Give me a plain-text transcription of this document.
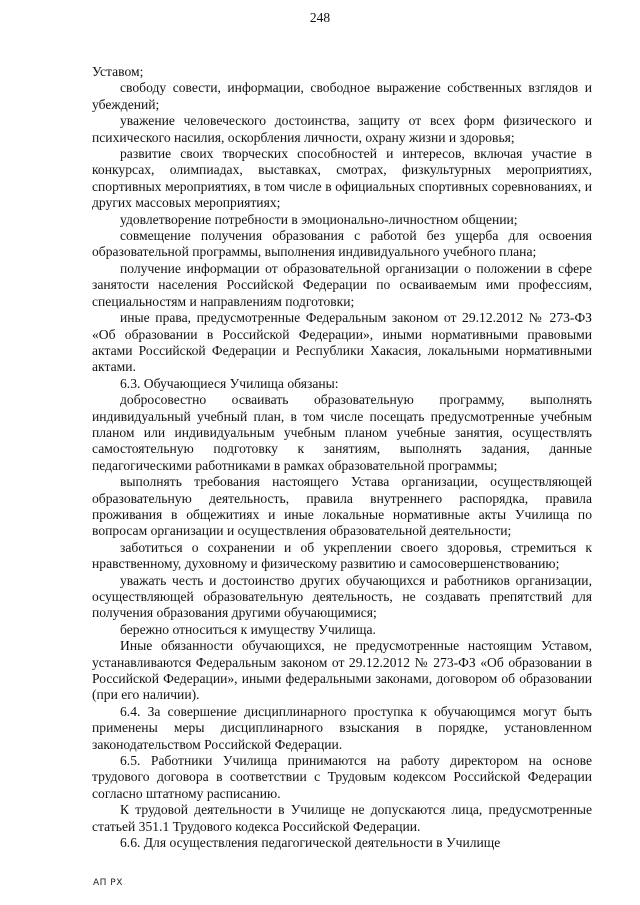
248

Уставом;

свободу совести, информации, свободное выражение собственных взглядов и убеждений;

уважение человеческого достоинства, защиту от всех форм физического и психического насилия, оскорбления личности, охрану жизни и здоровья;

развитие своих творческих способностей и интересов, включая участие в конкурсах, олимпиадах, выставках, смотрах, физкультурных мероприятиях, спортивных мероприятиях, в том числе в официальных спортивных соревнованиях, и других массовых мероприятиях;

удовлетворение потребности в эмоционально-личностном общении;

совмещение получения образования с работой без ущерба для освоения образовательной программы, выполнения индивидуального учебного плана;

получение информации от образовательной организации о положении в сфере занятости населения Российской Федерации по осваиваемым ими профессиям, специальностям и направлениям подготовки;

иные права, предусмотренные Федеральным законом от 29.12.2012 № 273-ФЗ «Об образовании в Российской Федерации», иными нормативными правовыми актами Российской Федерации и Республики Хакасия, локальными нормативными актами.

6.3. Обучающиеся Училища обязаны:

добросовестно осваивать образовательную программу, выполнять индивидуальный учебный план, в том числе посещать предусмотренные учебным планом или индивидуальным учебным планом учебные занятия, осуществлять самостоятельную подготовку к занятиям, выполнять задания, данные педагогическими работниками в рамках образовательной программы;

выполнять требования настоящего Устава организации, осуществляющей образовательную деятельность, правила внутреннего распорядка, правила проживания в общежитиях и иные локальные нормативные акты Училища по вопросам организации и осуществления образовательной деятельности;

заботиться о сохранении и об укреплении своего здоровья, стремиться к нравственному, духовному и физическому развитию и самосовершенствованию;

уважать честь и достоинство других обучающихся и работников организации, осуществляющей образовательную деятельность, не создавать препятствий для получения образования другими обучающимися;

бережно относиться к имуществу Училища.

Иные обязанности обучающихся, не предусмотренные настоящим Уставом, устанавливаются Федеральным законом от 29.12.2012 № 273-ФЗ «Об образовании в Российской Федерации», иными федеральными законами, договором об образовании (при его наличии).

6.4. За совершение дисциплинарного проступка к обучающимся могут быть применены меры дисциплинарного взыскания в порядке, установленном законодательством Российской Федерации.

6.5. Работники Училища принимаются на работу директором на основе трудового договора в соответствии с Трудовым кодексом Российской Федерации согласно штатному расписанию.

К трудовой деятельности в Училище не допускаются лица, предусмотренные статьей 351.1 Трудового кодекса Российской Федерации.

6.6. Для осуществления педагогической деятельности в Училище

АП РХ
